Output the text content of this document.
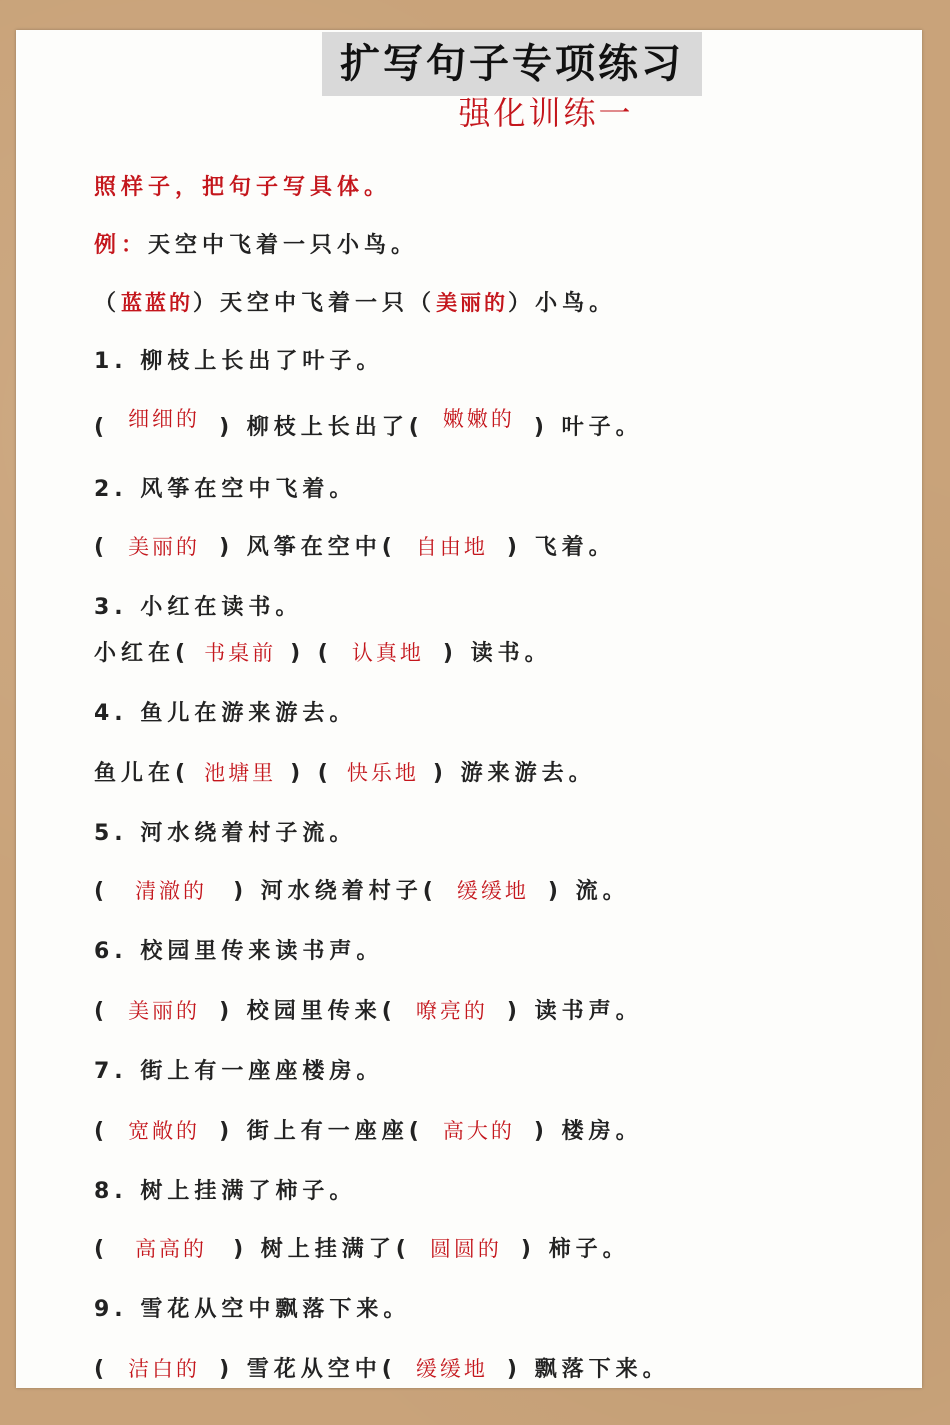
扩写句子专项练习
强化训练一
照样子，把句子写具体。
例：天空中飞着一只小鸟。
（蓝蓝的）天空中飞着一只（美丽的）小鸟。
1. 柳枝上长出了叶子。
( 细细的 ) 柳枝上长出了( 嫩嫩的 ) 叶子。
2. 风筝在空中飞着。
( 美丽的 ) 风筝在空中( 自由地 ) 飞着。
3. 小红在读书。
小红在( 书桌前 ) ( 认真地 ) 读书。
4. 鱼儿在游来游去。
鱼儿在( 池塘里 ) ( 快乐地 ) 游来游去。
5. 河水绕着村子流。
( 清澈的 ) 河水绕着村子( 缓缓地 ) 流。
6. 校园里传来读书声。
( 美丽的 ) 校园里传来( 嘹亮的 ) 读书声。
7. 街上有一座座楼房。
( 宽敞的 ) 街上有一座座( 高大的 ) 楼房。
8. 树上挂满了柿子。
( 高高的 ) 树上挂满了( 圆圆的 ) 柿子。
9. 雪花从空中飘落下来。
( 洁白的 ) 雪花从空中( 缓缓地 ) 飘落下来。
